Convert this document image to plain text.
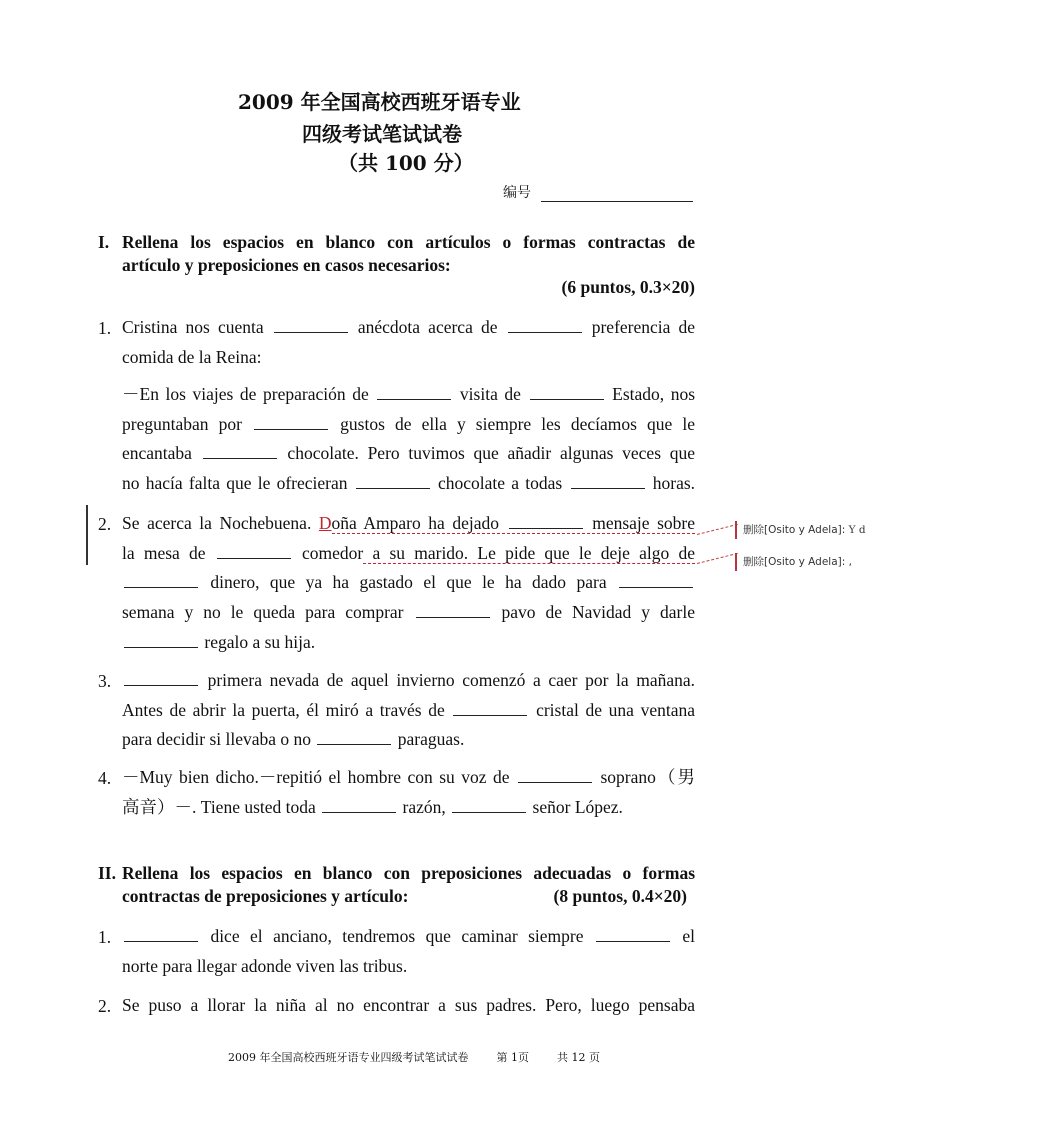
2009 年全国高校西班牙语专业
四级考试笔试试卷
（共 100 分）
编号
I. Rellena los espacios en blanco con artículos o formas contractas de
artículo y preposiciones en casos necesarios:
(6 puntos, 0.3×20)
1. Cristina nos cuenta	anécdota acerca de	preferencia de
comida de la Reina:
－En los viajes de preparación de	visita de	Estado, nos
preguntaban por	gustos de ella y siempre les decíamos que le
encantaba	chocolate. Pero tuvimos que añadir algunas veces que
no hacía falta que le ofrecieran	chocolate a todas	horas.
2. Se acerca la Nochebuena. Doña Amparo ha dejado	mensaje sobre
la mesa de	comedor a su marido. Le pide que le deje algo de
dinero, que ya ha gastado el que le ha dado para
semana y no le queda para comprar	pavo de Navidad y darle
regalo a su hija.
删除[Osito y Adela]: Y d
删除[Osito y Adela]: ,
3.	primera nevada de aquel invierno comenzó a caer por la mañana.
Antes de abrir la puerta, él miró a través de	cristal de una ventana
para decidir si llevaba o no	paraguas.
4. －Muy bien dicho.－repitió el hombre con su voz de	soprano（男
高音）－. Tiene usted toda	razón,	señor López.
II. Rellena los espacios en blanco con preposiciones adecuadas o formas
contractas de preposiciones y artículo:	(8 puntos, 0.4×20)
1.	dice el anciano, tendremos que caminar siempre	el
norte para llegar adonde viven las tribus.
2. Se puso a llorar la niña al no encontrar a sus padres. Pero, luego pensaba
2009 年全国高校西班牙语专业四级考试笔试试卷	第 1页	共 12 页
